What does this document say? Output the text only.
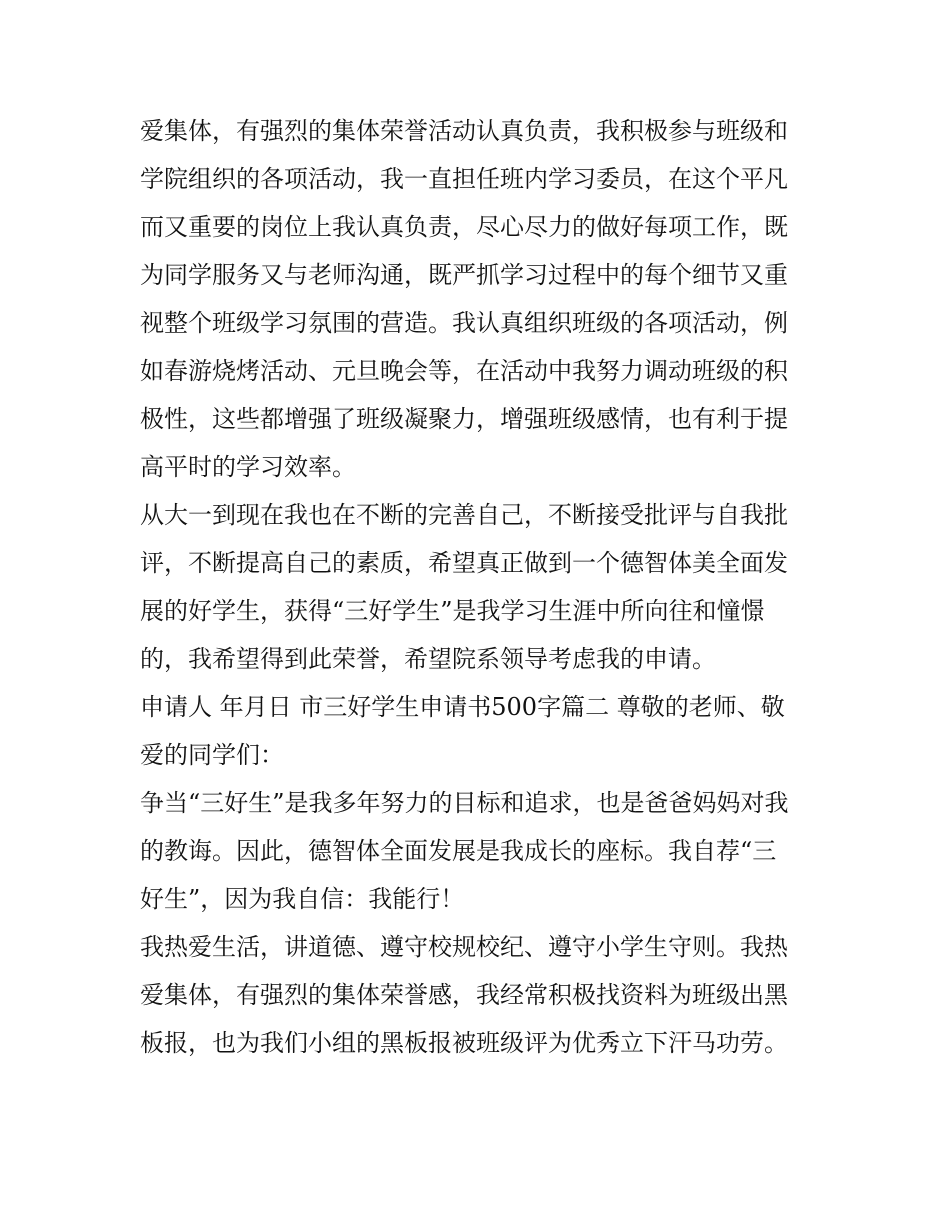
爱集体，有强烈的集体荣誉活动认真负责，我积极参与班级和
学院组织的各项活动，我一直担任班内学习委员，在这个平凡
而又重要的岗位上我认真负责，尽心尽力的做好每项工作，既
为同学服务又与老师沟通，既严抓学习过程中的每个细节又重
视整个班级学习氛围的营造。我认真组织班级的各项活动，例
如春游烧烤活动、元旦晚会等，在活动中我努力调动班级的积
极性，这些都增强了班级凝聚力，增强班级感情，也有利于提
高平时的学习效率。
从大一到现在我也在不断的完善自己，不断接受批评与自我批
评，不断提高自己的素质，希望真正做到一个德智体美全面发
展的好学生，获得“三好学生”是我学习生涯中所向往和憧憬
的，我希望得到此荣誉，希望院系领导考虑我的申请。
申请人 年月日 市三好学生申请书500字篇二 尊敬的老师、敬
爱的同学们：
争当“三好生”是我多年努力的目标和追求，也是爸爸妈妈对我
的教诲。因此，德智体全面发展是我成长的座标。我自荐“三
好生”，因为我自信：我能行！
我热爱生活，讲道德、遵守校规校纪、遵守小学生守则。我热
爱集体，有强烈的集体荣誉感，我经常积极找资料为班级出黑
板报，也为我们小组的黑板报被班级评为优秀立下汗马功劳。
